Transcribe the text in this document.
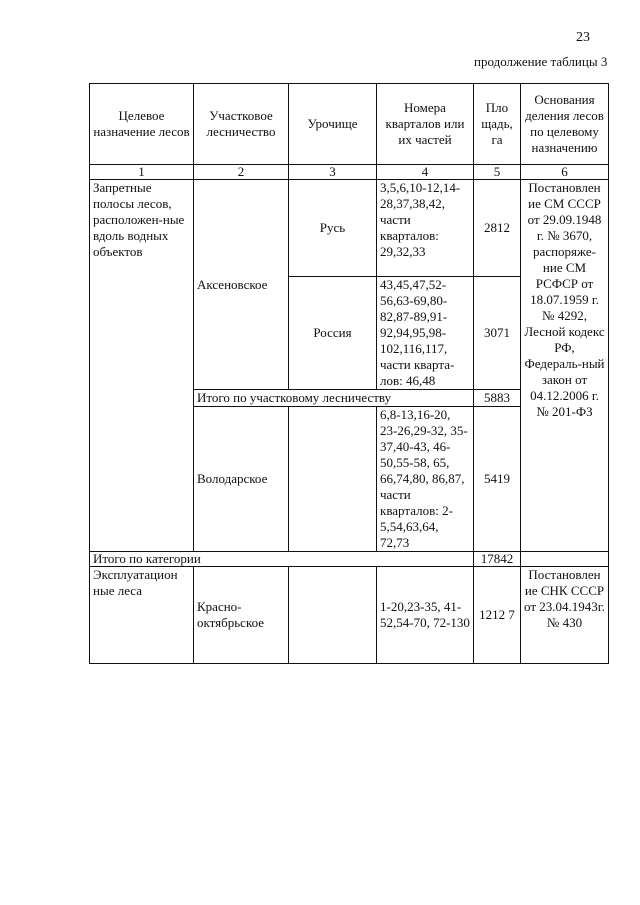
23
продолжение таблицы 3
Целевое назначение лесов	Участковое лесничество	Урочище	Номера кварталов или их частей	Пло щадь, га	Основания деления лесов по целевому назначению
1	2	3	4	5	6
Запретные полосы лесов, расположен-ные вдоль водных объектов	Аксеновское	Русь	3,5,6,10-12,14-28,37,38,42, части кварталов: 29,32,33	2812	Постановлен ие СМ СССР от 29.09.1948 г. № 3670, распоряже-ние СМ РСФСР от 18.07.1959 г. № 4292, Лесной кодекс РФ, Федераль-ный закон от 04.12.2006 г. № 201-ФЗ
		Россия	43,45,47,52-56,63-69,80-82,87-89,91-92,94,95,98-102,116,117, части кварта-лов: 46,48	3071	
	Итого по участковому лесничеству			5883	
	Володарское		6,8-13,16-20, 23-26,29-32, 35-37,40-43, 46-50,55-58, 65, 66,74,80, 86,87, части кварталов: 2-5,54,63,64, 72,73	5419	
Итого по категории				17842	
Эксплуатацион ные леса	Красно-октябрьское		1-20,23-35, 41-52,54-70, 72-130	1212 7	Постановлен ие СНК СССР от 23.04.1943г. № 430
